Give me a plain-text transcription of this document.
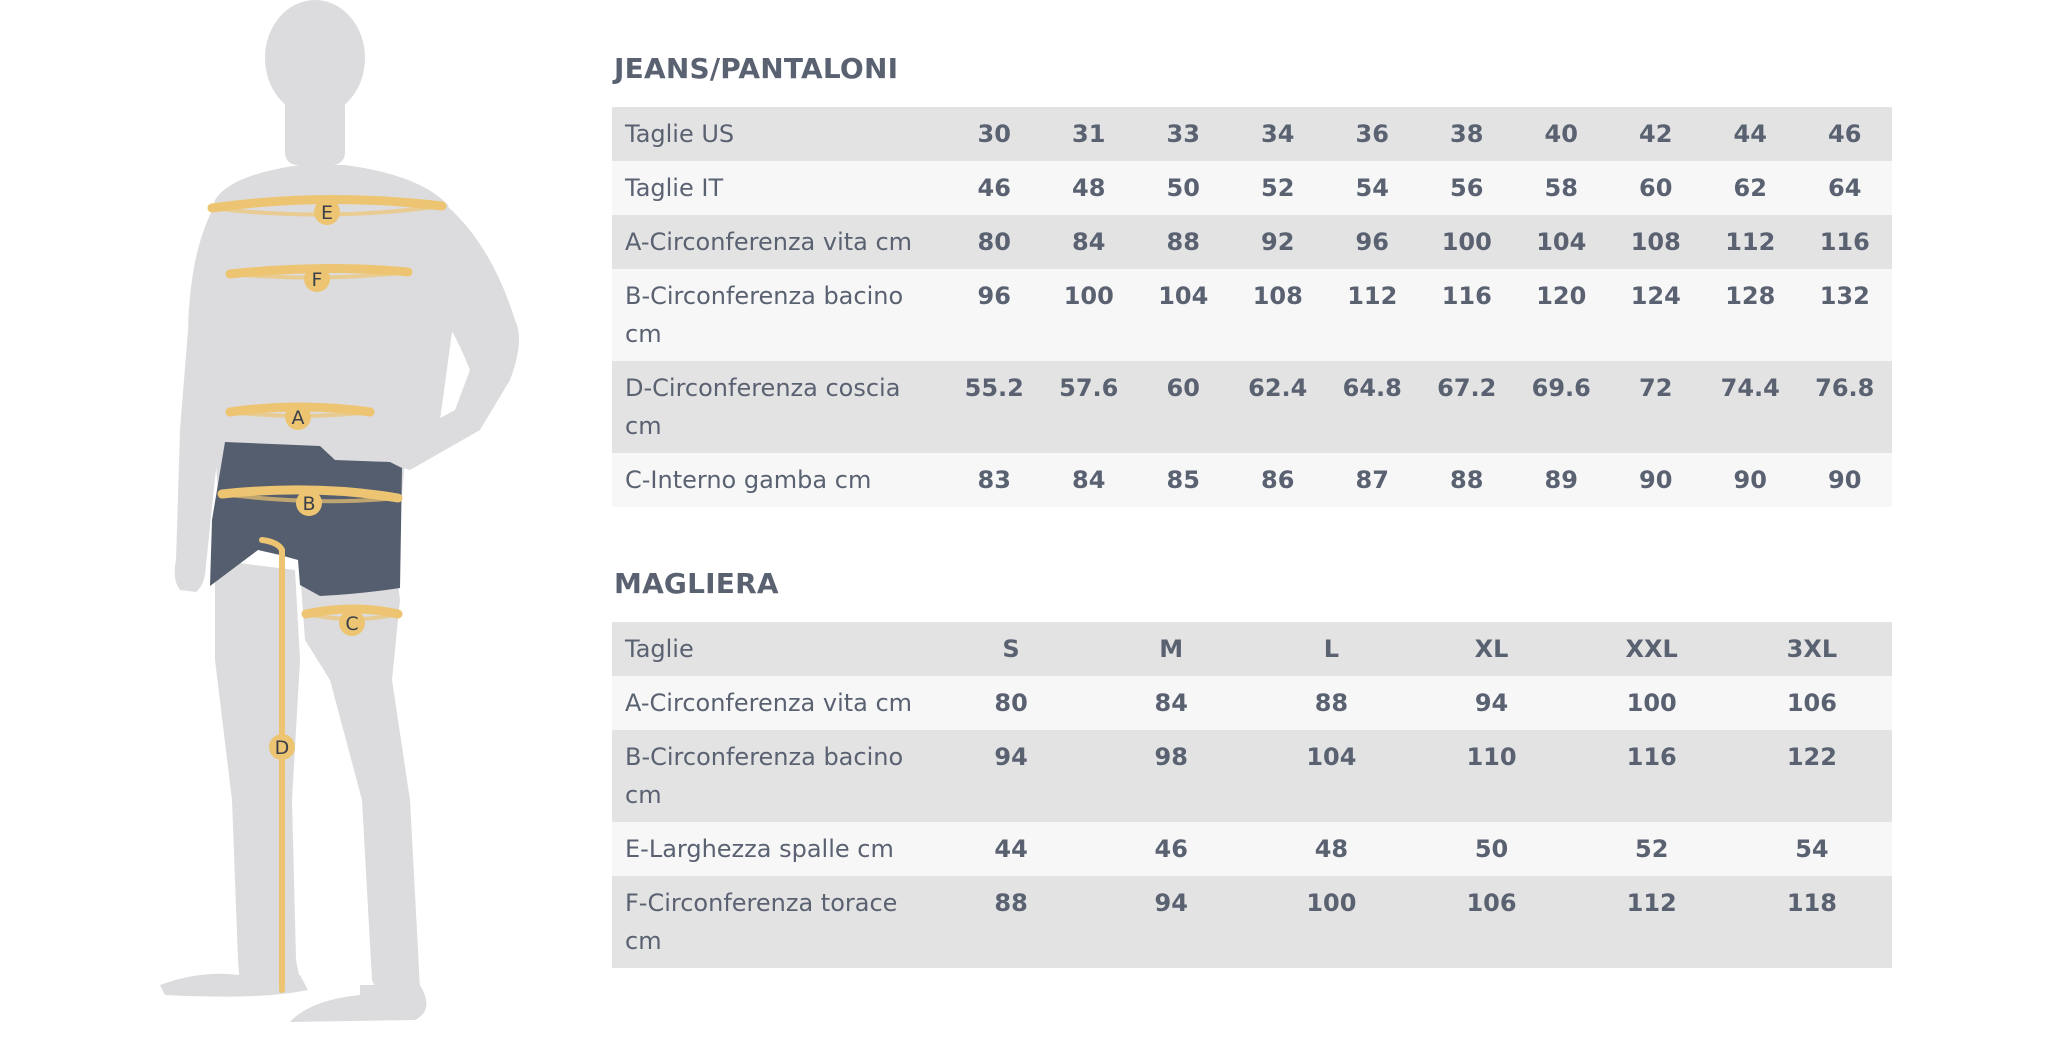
E
F
A
B
C
D
JEANS/PANTALONI
Taglie US	30	31	33	34	36	38	40	42	44	46
Taglie IT	46	48	50	52	54	56	58	60	62	64
A-Circonferenza vita cm	80	84	88	92	96	100	104	108	112	116
B-Circonferenza bacino cm	96	100	104	108	112	116	120	124	128	132
D-Circonferenza coscia cm	55.2	57.6	60	62.4	64.8	67.2	69.6	72	74.4	76.8
C-Interno gamba cm	83	84	85	86	87	88	89	90	90	90
MAGLIERA
Taglie	S	M	L	XL	XXL	3XL
A-Circonferenza vita cm	80	84	88	94	100	106
B-Circonferenza bacino cm	94	98	104	110	116	122
E-Larghezza spalle cm	44	46	48	50	52	54
F-Circonferenza torace cm	88	94	100	106	112	118
